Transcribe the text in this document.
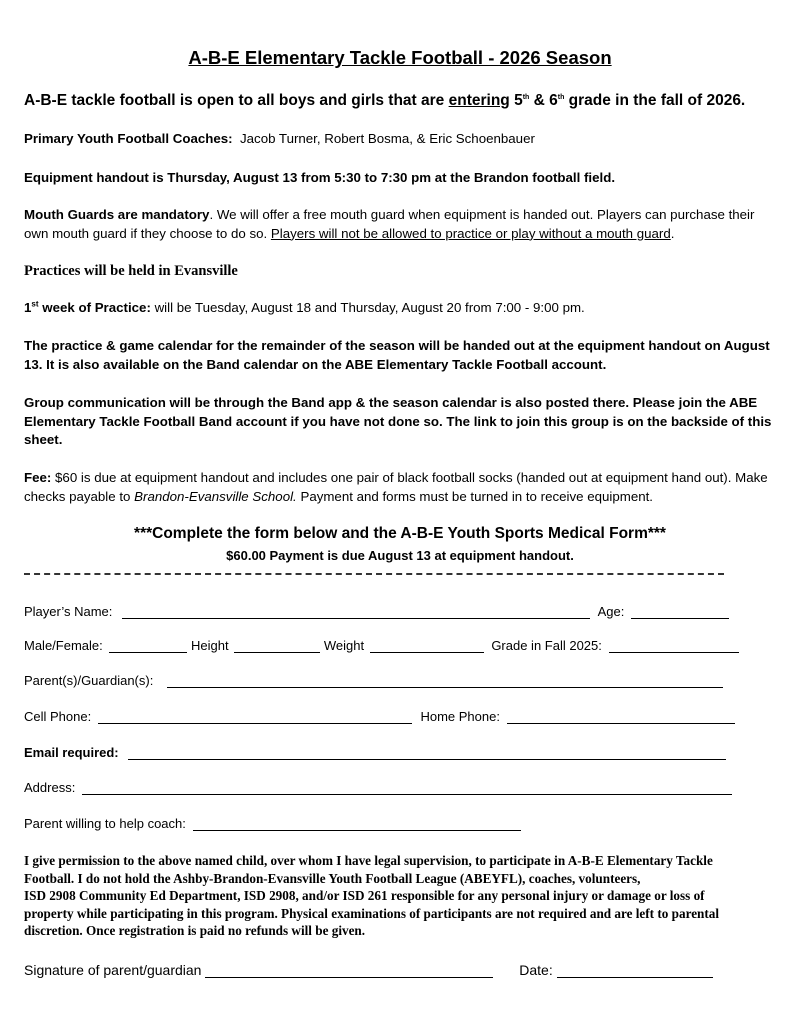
A-B-E Elementary Tackle Football - 2026 Season
A-B-E tackle football is open to all boys and girls that are entering 5th & 6th grade in the fall of 2026.
Primary Youth Football Coaches:  Jacob Turner, Robert Bosma, & Eric Schoenbauer
Equipment handout is Thursday, August 13 from 5:30 to 7:30 pm at the Brandon football field.
Mouth Guards are mandatory. We will offer a free mouth guard when equipment is handed out. Players can purchase their own mouth guard if they choose to do so. Players will not be allowed to practice or play without a mouth guard.
Practices will be held in Evansville
1st week of Practice: will be Tuesday, August 18 and Thursday, August 20 from 7:00 - 9:00 pm.
The practice & game calendar for the remainder of the season will be handed out at the equipment handout on August 13. It is also available on the Band calendar on the ABE Elementary Tackle Football account.
Group communication will be through the Band app & the season calendar is also posted there. Please join the ABE Elementary Tackle Football Band account if you have not done so. The link to join this group is on the backside of this sheet.
Fee: $60 is due at equipment handout and includes one pair of black football socks (handed out at equipment hand out). Make checks payable to Brandon-Evansville School. Payment and forms must be turned in to receive equipment.
***Complete the form below and the A-B-E Youth Sports Medical Form***
$60.00 Payment is due August 13 at equipment handout.
Player’s Name:	Age:
Male/Female:	Height	Weight	Grade in Fall 2025:
Parent(s)/Guardian(s):
Cell Phone:	Home Phone:
Email required:
Address:
Parent willing to help coach:
I give permission to the above named child, over whom I have legal supervision, to participate in A-B-E Elementary Tackle
Football. I do not hold the Ashby-Brandon-Evansville Youth Football League (ABEYFL), coaches, volunteers,
ISD 2908 Community Ed Department, ISD 2908, and/or ISD 261 responsible for any personal injury or damage or loss of
property while participating in this program. Physical examinations of participants are not required and are left to parental
discretion. Once registration is paid no refunds will be given.
Signature of parent/guardian	Date:
